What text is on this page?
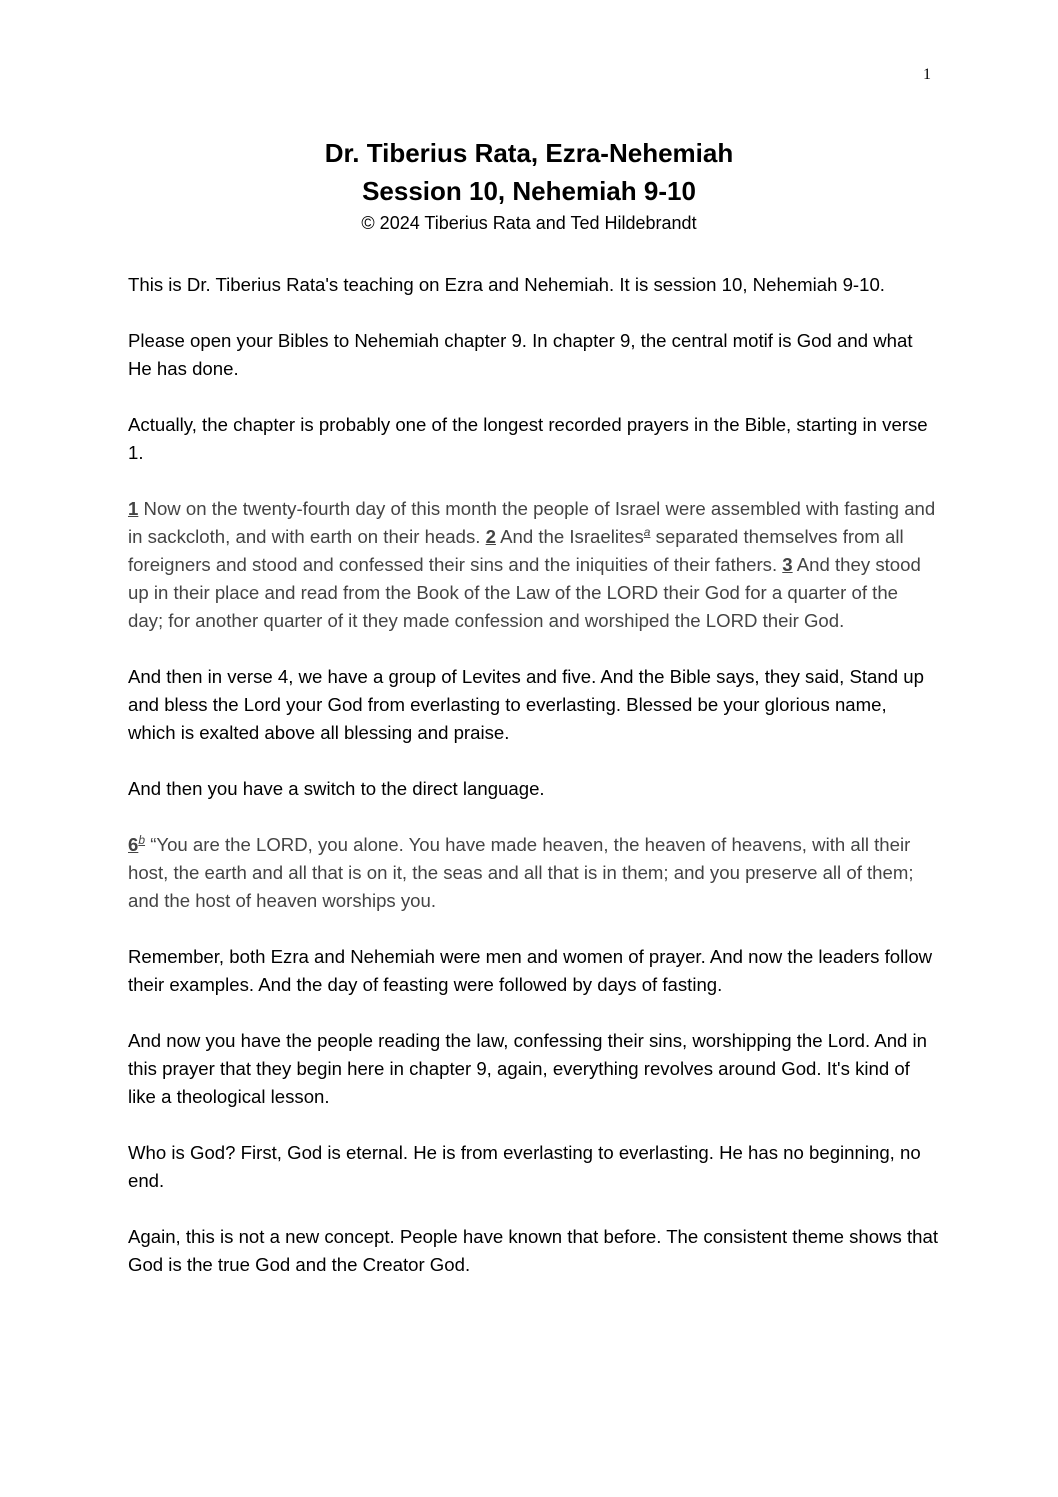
1

Dr. Tiberius Rata, Ezra-Nehemiah

Session 10, Nehemiah 9-10

© 2024 Tiberius Rata and Ted Hildebrandt

This is Dr. Tiberius Rata's teaching on Ezra and Nehemiah. It is session 10, Nehemiah 9-10.

Please open your Bibles to Nehemiah chapter 9. In chapter 9, the central motif is God and what He has done.

Actually, the chapter is probably one of the longest recorded prayers in the Bible, starting in verse 1.

1 Now on the twenty-fourth day of this month the people of Israel were assembled with fasting and in sackcloth, and with earth on their heads. 2 And the Israelites$^a$ separated themselves from all foreigners and stood and confessed their sins and the iniquities of their fathers. 3 And they stood up in their place and read from the Book of the Law of the LORD their God for a quarter of the day; for another quarter of it they made confession and worshiped the LORD their God.

And then in verse 4, we have a group of Levites and five. And the Bible says, they said, Stand up and bless the Lord your God from everlasting to everlasting. Blessed be your glorious name, which is exalted above all blessing and praise.

And then you have a switch to the direct language.

6$^b$ “You are the LORD, you alone. You have made heaven, the heaven of heavens, with all their host, the earth and all that is on it, the seas and all that is in them; and you preserve all of them; and the host of heaven worships you.

Remember, both Ezra and Nehemiah were men and women of prayer. And now the leaders follow their examples. And the day of feasting were followed by days of fasting.

And now you have the people reading the law, confessing their sins, worshipping the Lord. And in this prayer that they begin here in chapter 9, again, everything revolves around God. It's kind of like a theological lesson.

Who is God? First, God is eternal. He is from everlasting to everlasting. He has no beginning, no end.

Again, this is not a new concept. People have known that before. The consistent theme shows that God is the true God and the Creator God.
